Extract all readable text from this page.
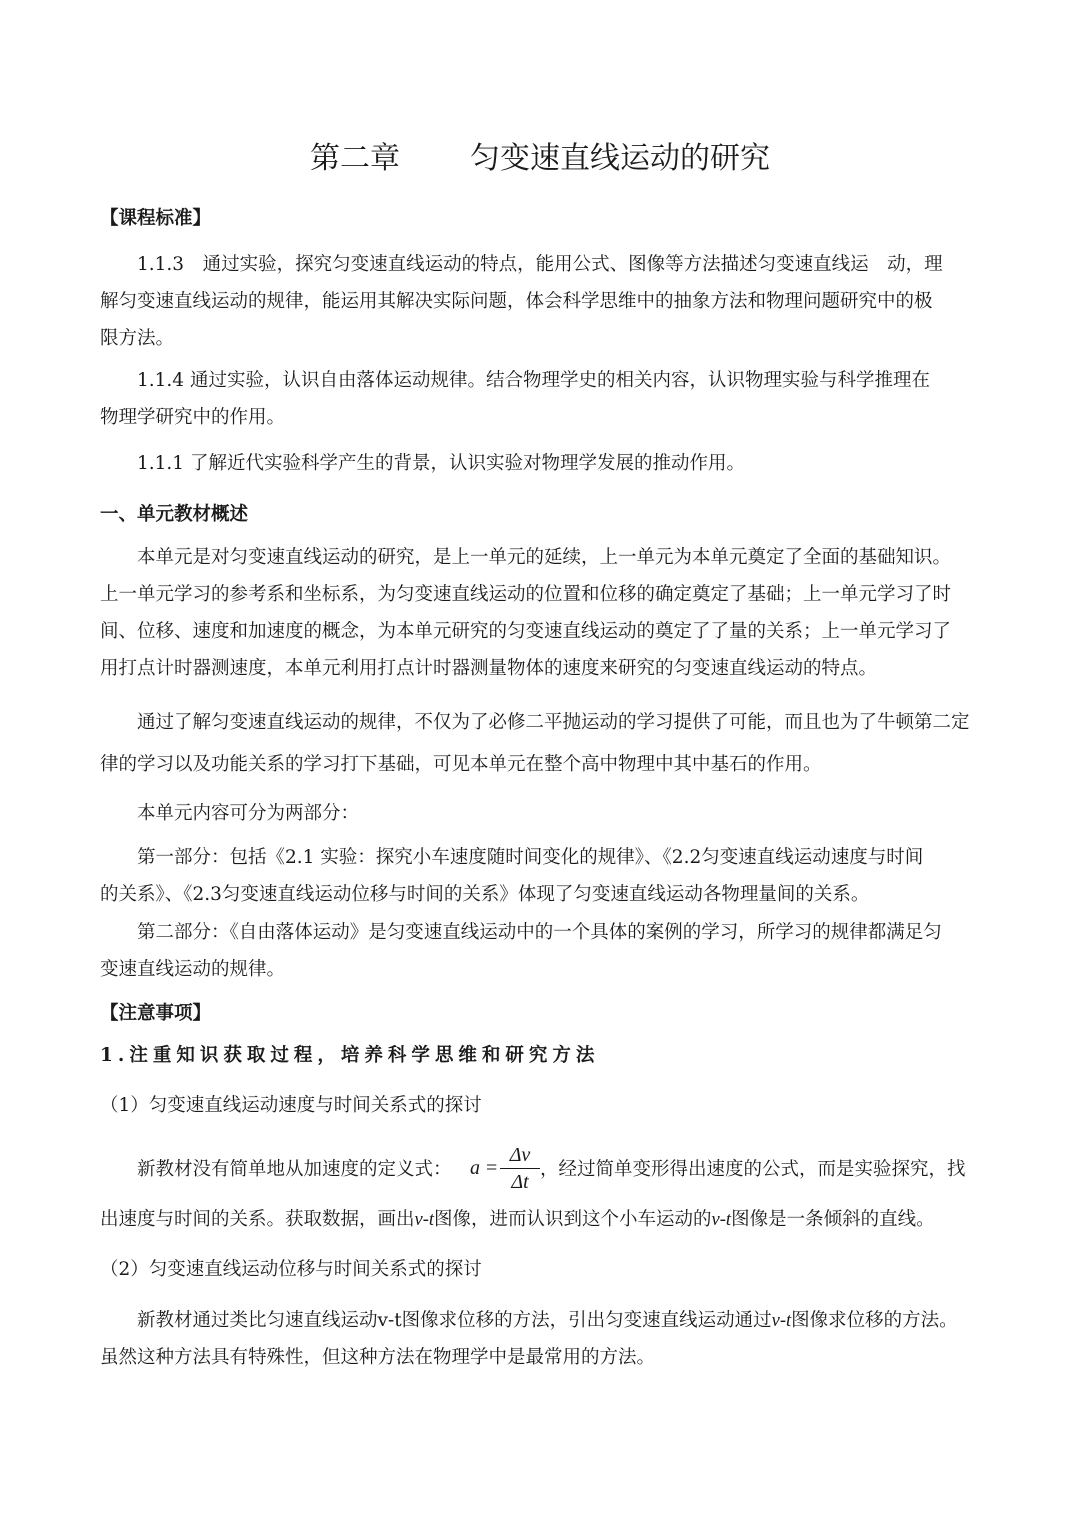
第二章 匀变速直线运动的研究
【课程标准】
1.1.3　通过实验，探究匀变速直线运动的特点，能用公式、图像等方法描述匀变速直线运　动，理
解匀变速直线运动的规律，能运用其解决实际问题，体会科学思维中的抽象方法和物理问题研究中的极
限方法。
1.1.4 通过实验，认识自由落体运动规律。结合物理学史的相关内容，认识物理实验与科学推理在
物理学研究中的作用。
1.1.1 了解近代实验科学产生的背景，认识实验对物理学发展的推动作用。
一、单元教材概述
本单元是对匀变速直线运动的研究，是上一单元的延续，上一单元为本单元奠定了全面的基础知识。
上一单元学习的参考系和坐标系，为匀变速直线运动的位置和位移的确定奠定了基础；上一单元学习了时
间、位移、速度和加速度的概念，为本单元研究的匀变速直线运动的奠定了了量的关系；上一单元学习了
用打点计时器测速度，本单元利用打点计时器测量物体的速度来研究的匀变速直线运动的特点。
通过了解匀变速直线运动的规律，不仅为了必修二平抛运动的学习提供了可能，而且也为了牛顿第二定
律的学习以及功能关系的学习打下基础，可见本单元在整个高中物理中其中基石的作用。
本单元内容可分为两部分：
第一部分：包括《2.1 实验：探究小车速度随时间变化的规律》、《2.2匀变速直线运动速度与时间
的关系》、《2.3匀变速直线运动位移与时间的关系》体现了匀变速直线运动各物理量间的关系。
第二部分：《自由落体运动》是匀变速直线运动中的一个具体的案例的学习，所学习的规律都满足匀
变速直线运动的规律。
【注意事项】
1.注重知识获取过程，培养科学思维和研究方法
（1）匀变速直线运动速度与时间关系式的探讨
新教材没有简单地从加速度的定义式： a =
Δv
Δt
，经过简单变形得出速度的公式，而是实验探究，找
出速度与时间的关系。获取数据，画出v-t图像，进而认识到这个小车运动的v-t图像是一条倾斜的直线。
（2）匀变速直线运动位移与时间关系式的探讨
新教材通过类比匀速直线运动v-t图像求位移的方法，引出匀变速直线运动通过v-t图像求位移的方法。
虽然这种方法具有特殊性，但这种方法在物理学中是最常用的方法。
